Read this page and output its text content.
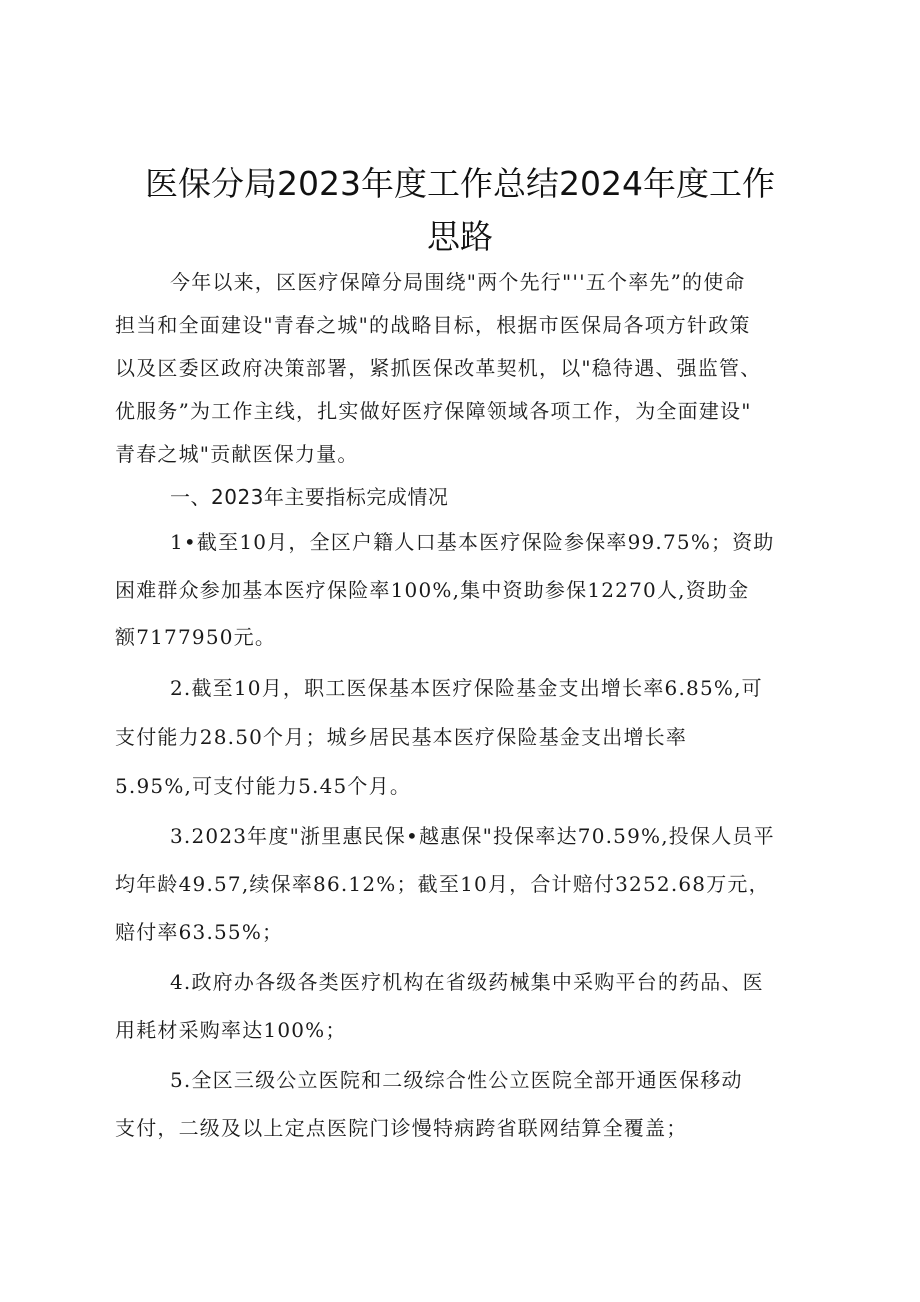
医保分局2023年度工作总结2024年度工作
思路
今年以来，区医疗保障分局围绕"两个先行"''五个率先”的使命
担当和全面建设"青春之城"的战略目标，根据市医保局各项方针政策
以及区委区政府决策部署，紧抓医保改革契机，以"稳待遇、强监管、
优服务”为工作主线，扎实做好医疗保障领域各项工作，为全面建设"
青春之城"贡献医保力量。
一、2023年主要指标完成情况
1•截至10月，全区户籍人口基本医疗保险参保率99.75%；资助
困难群众参加基本医疗保险率100%,集中资助参保12270人,资助金
额7177950元。
2.截至10月，职工医保基本医疗保险基金支出增长率6.85%,可
支付能力28.50个月；城乡居民基本医疗保险基金支出增长率
5.95%,可支付能力5.45个月。
3.2023年度"浙里惠民保•越惠保"投保率达70.59%,投保人员平
均年龄49.57,续保率86.12%；截至10月，合计赔付3252.68万元，
赔付率63.55%；
4.政府办各级各类医疗机构在省级药械集中采购平台的药品、医
用耗材采购率达100%；
5.全区三级公立医院和二级综合性公立医院全部开通医保移动
支付，二级及以上定点医院门诊慢特病跨省联网结算全覆盖；
